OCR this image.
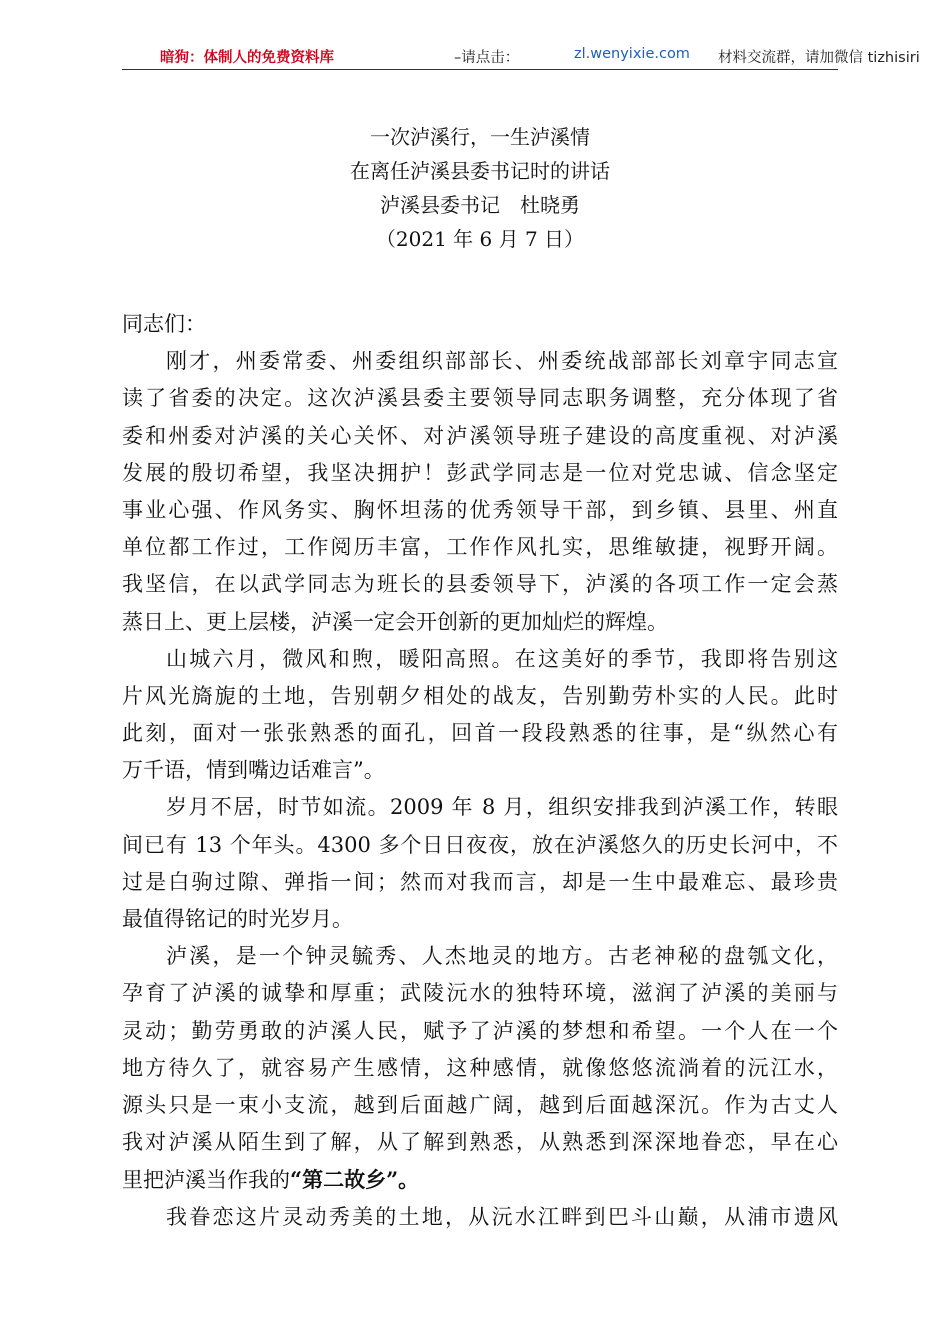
暗狗：体制人的免费资料库	–请点击：	zl.wenyixie.com 材料交流群，请加微信 tizhisiri
一次泸溪行，一生泸溪情
在离任泸溪县委书记时的讲话
泸溪县委书记　杜晓勇
（2021 年 6 月 7 日）
同志们：
刚才，州委常委、州委组织部部长、州委统战部部长刘章宇同志宣
读了省委的决定。这次泸溪县委主要领导同志职务调整，充分体现了省
委和州委对泸溪的关心关怀、对泸溪领导班子建设的高度重视、对泸溪
发展的殷切希望，我坚决拥护！彭武学同志是一位对党忠诚、信念坚定
事业心强、作风务实、胸怀坦荡的优秀领导干部，到乡镇、县里、州直
单位都工作过，工作阅历丰富，工作作风扎实，思维敏捷，视野开阔。
我坚信，在以武学同志为班长的县委领导下，泸溪的各项工作一定会蒸
蒸日上、更上层楼，泸溪一定会开创新的更加灿烂的辉煌。
山城六月，微风和煦，暖阳高照。在这美好的季节，我即将告别这
片风光旖旎的土地，告别朝夕相处的战友，告别勤劳朴实的人民。此时
此刻，面对一张张熟悉的面孔，回首一段段熟悉的往事，是“纵然心有
万千语，情到嘴边话难言”。
岁月不居，时节如流。2009 年 8 月，组织安排我到泸溪工作，转眼
间已有 13 个年头。4300 多个日日夜夜，放在泸溪悠久的历史长河中，不
过是白驹过隙、弹指一间；然而对我而言，却是一生中最难忘、最珍贵
最值得铭记的时光岁月。
泸溪，是一个钟灵毓秀、人杰地灵的地方。古老神秘的盘瓠文化，
孕育了泸溪的诚挚和厚重；武陵沅水的独特环境，滋润了泸溪的美丽与
灵动；勤劳勇敢的泸溪人民，赋予了泸溪的梦想和希望。一个人在一个
地方待久了，就容易产生感情，这种感情，就像悠悠流淌着的沅江水，
源头只是一束小支流，越到后面越广阔，越到后面越深沉。作为古丈人
我对泸溪从陌生到了解，从了解到熟悉，从熟悉到深深地眷恋，早在心
里把泸溪当作我的“第二故乡”。
我眷恋这片灵动秀美的土地，从沅水江畔到巴斗山巅，从浦市遗风
